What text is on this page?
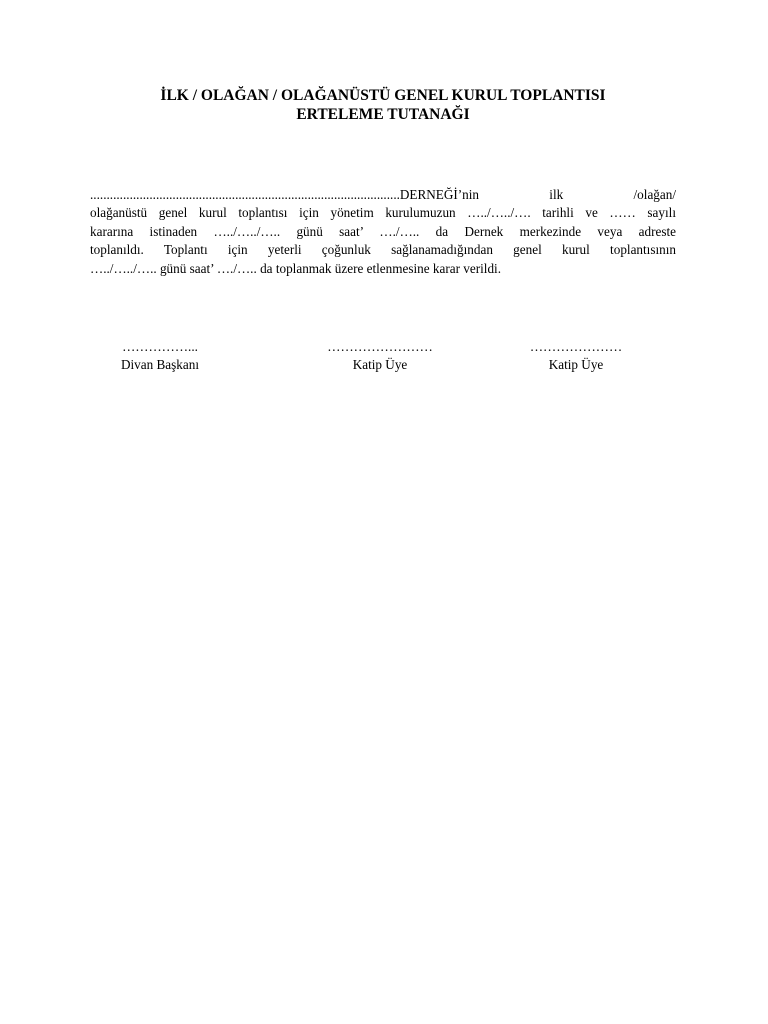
İLK / OLAĞAN / OLAĞANÜSTÜ GENEL KURUL TOPLANTISI
ERTELEME TUTANAĞI
..............................................................................................DERNEĞİ’nin ilk /olağan/
olağanüstü genel kurul toplantısı için yönetim kurulumuzun …../…../…. tarihli ve …… sayılı
kararına istinaden …../…../….. günü saat’ …./….. da Dernek merkezinde veya adreste
toplanıldı. Toplantı için yeterli çoğunluk sağlanamadığından genel kurul toplantısının
…../…../….. günü saat’ …./….. da toplanmak üzere etlenmesine karar verildi.
……………...
Divan Başkanı
……………………
Katip Üye
…………………
Katip Üye
